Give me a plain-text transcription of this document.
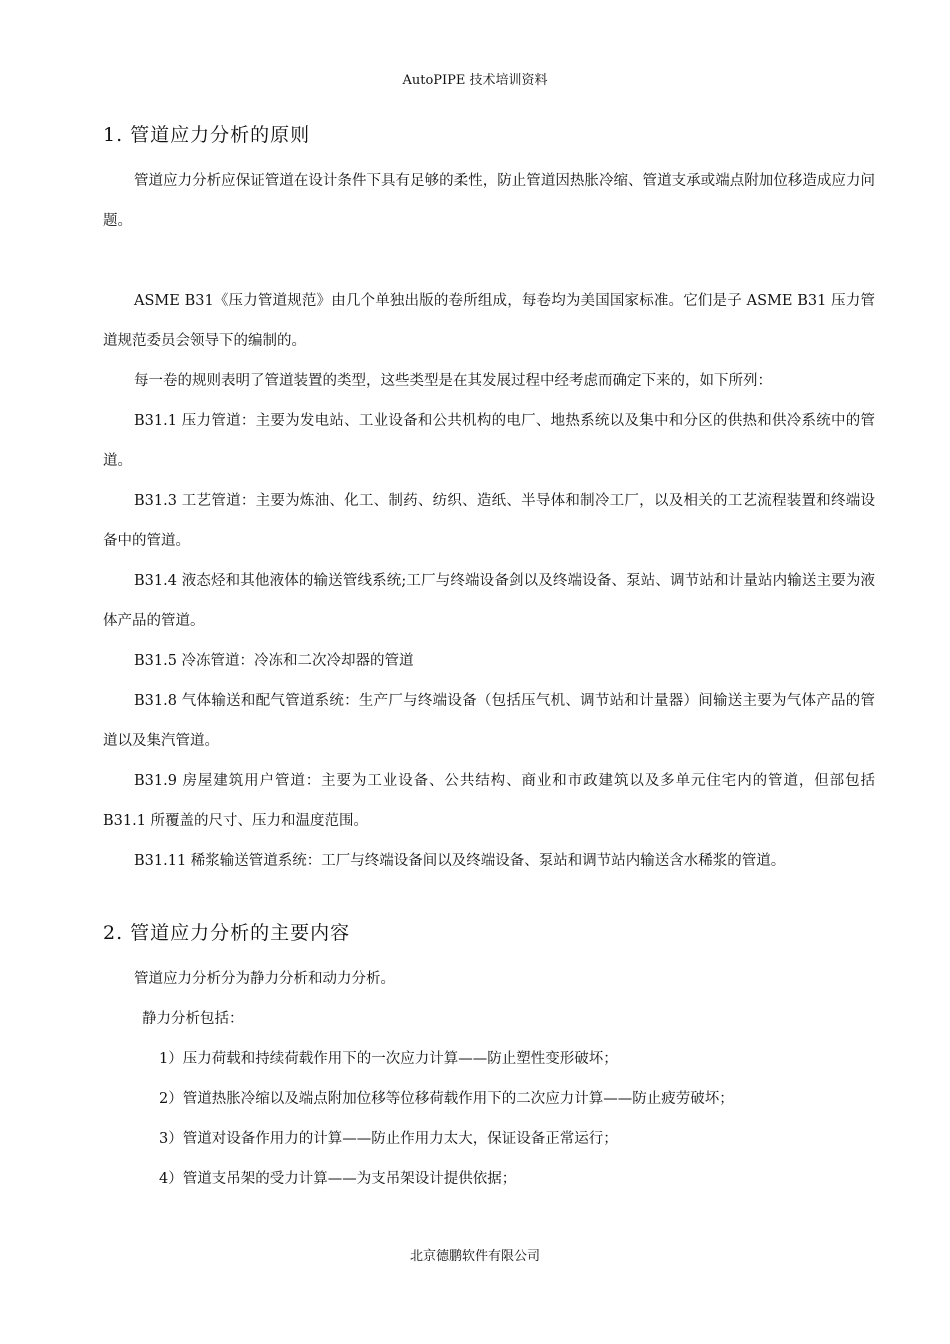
AutoPIPE 技术培训资料
1. 管道应力分析的原则

管道应力分析应保证管道在设计条件下具有足够的柔性，防止管道因热胀冷缩、管道支承或端点附加位移造成应力问题。

ASME B31《压力管道规范》由几个单独出版的卷所组成，每卷均为美国国家标准。它们是子 ASME B31 压力管道规范委员会领导下的编制的。

每一卷的规则表明了管道装置的类型，这些类型是在其发展过程中经考虑而确定下来的，如下所列：

B31.1 压力管道：主要为发电站、工业设备和公共机构的电厂、地热系统以及集中和分区的供热和供冷系统中的管道。

B31.3 工艺管道：主要为炼油、化工、制药、纺织、造纸、半导体和制冷工厂，以及相关的工艺流程装置和终端设备中的管道。

B31.4 液态烃和其他液体的输送管线系统;工厂与终端设备剑以及终端设备、泵站、调节站和计量站内输送主要为液体产品的管道。

B31.5 冷冻管道：冷冻和二次冷却器的管道

B31.8 气体输送和配气管道系统：生产厂与终端设备（包括压气机、调节站和计量器）间输送主要为气体产品的管道以及集汽管道。

B31.9 房屋建筑用户管道：主要为工业设备、公共结构、商业和市政建筑以及多单元住宅内的管道，但部包括 B31.1 所覆盖的尺寸、压力和温度范围。

B31.11 稀浆输送管道系统：工厂与终端设备间以及终端设备、泵站和调节站内输送含水稀浆的管道。

2. 管道应力分析的主要内容
管道应力分析分为静力分析和动力分析。
静力分析包括：
1）压力荷载和持续荷载作用下的一次应力计算——防止塑性变形破坏；
2）管道热胀冷缩以及端点附加位移等位移荷载作用下的二次应力计算——防止疲劳破坏；
3）管道对设备作用力的计算——防止作用力太大，保证设备正常运行；
4）管道支吊架的受力计算——为支吊架设计提供依据；
北京德鹏软件有限公司
